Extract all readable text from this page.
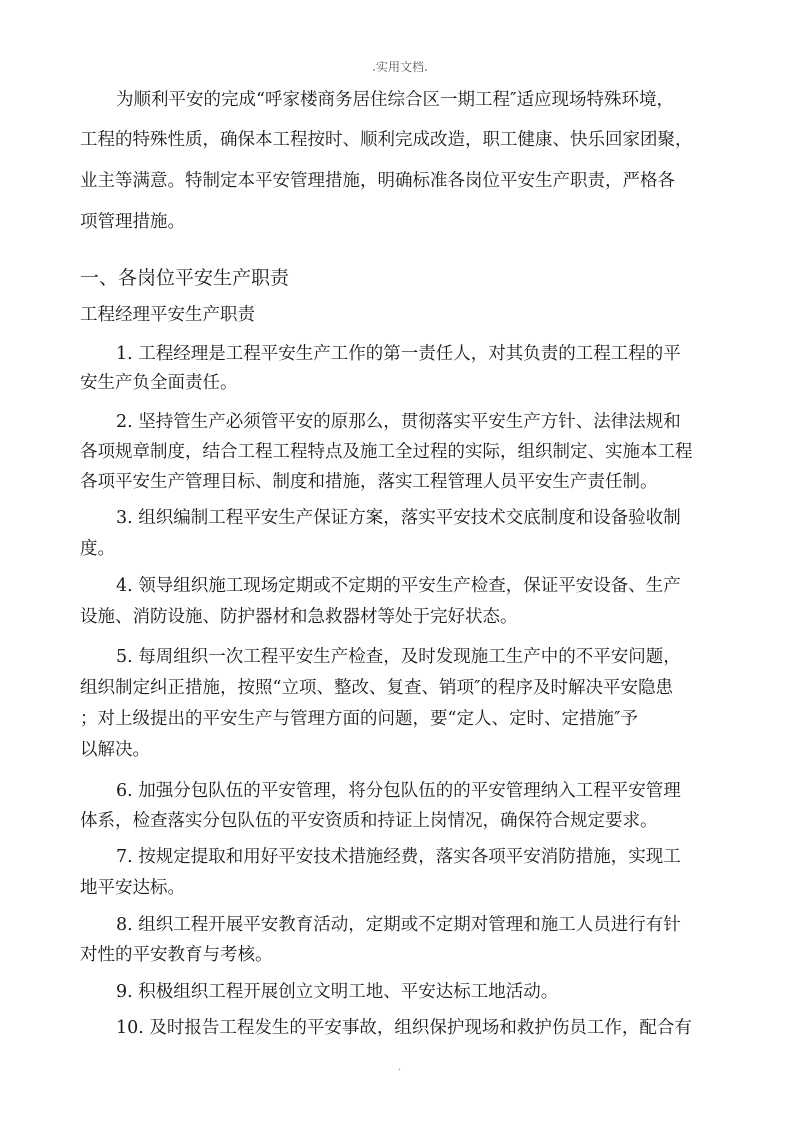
.实用文档.
为顺利平安的完成“呼家楼商务居住综合区一期工程″适应现场特殊环境，
工程的特殊性质，确保本工程按时、顺利完成改造，职工健康、快乐回家团聚，
业主等满意。特制定本平安管理措施，明确标准各岗位平安生产职责，严格各
项管理措施。
一、各岗位平安生产职责
工程经理平安生产职责
1. 工程经理是工程平安生产工作的第一责任人，对其负责的工程工程的平
安生产负全面责任。
2. 坚持管生产必须管平安的原那么，贯彻落实平安生产方针、法律法规和
各项规章制度，结合工程工程特点及施工全过程的实际，组织制定、实施本工程
各项平安生产管理目标、制度和措施，落实工程管理人员平安生产责任制。
3. 组织编制工程平安生产保证方案，落实平安技术交底制度和设备验收制
度。
4. 领导组织施工现场定期或不定期的平安生产检查，保证平安设备、生产
设施、消防设施、防护器材和急救器材等处于完好状态。
5. 每周组织一次工程平安生产检查，及时发现施工生产中的不平安问题，
组织制定纠正措施，按照“立项、整改、复查、销项″的程序及时解决平安隐患
；对上级提出的平安生产与管理方面的问题，要“定人、定时、定措施″予
以解决。
6. 加强分包队伍的平安管理，将分包队伍的的平安管理纳入工程平安管理
体系，检查落实分包队伍的平安资质和持证上岗情况，确保符合规定要求。
7. 按规定提取和用好平安技术措施经费，落实各项平安消防措施，实现工
地平安达标。
8. 组织工程开展平安教育活动，定期或不定期对管理和施工人员进行有针
对性的平安教育与考核。
9. 积极组织工程开展创立文明工地、平安达标工地活动。
10. 及时报告工程发生的平安事故，组织保护现场和救护伤员工作，配合有
.
